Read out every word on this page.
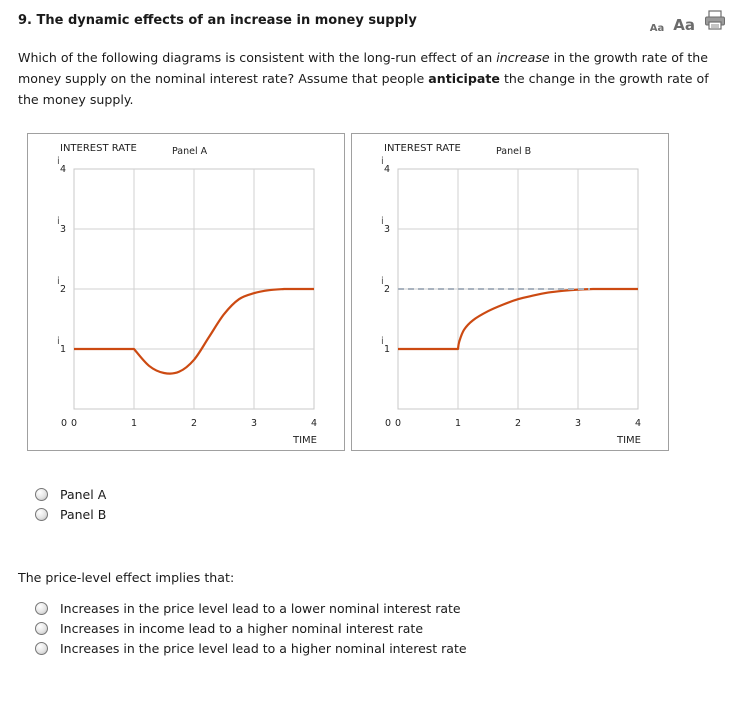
9. The dynamic effects of an increase in money supply
Aa Aa
Which of the following diagrams is consistent with the long-run effect of an increase in the growth rate of the money supply on the nominal interest rate? Assume that people anticipate the change in the growth rate of the money supply.
INTEREST RATE	Panel A
TIME
0	1	2	3	4
i
1
i
2
i
3
i
4
0
INTEREST RATE	Panel B
TIME
0	1	2	3	4
i
1
i
2
i
3
i
4
0
Panel A
Panel B
The price-level effect implies that:
Increases in the price level lead to a lower nominal interest rate
Increases in income lead to a higher nominal interest rate
Increases in the price level lead to a higher nominal interest rate
